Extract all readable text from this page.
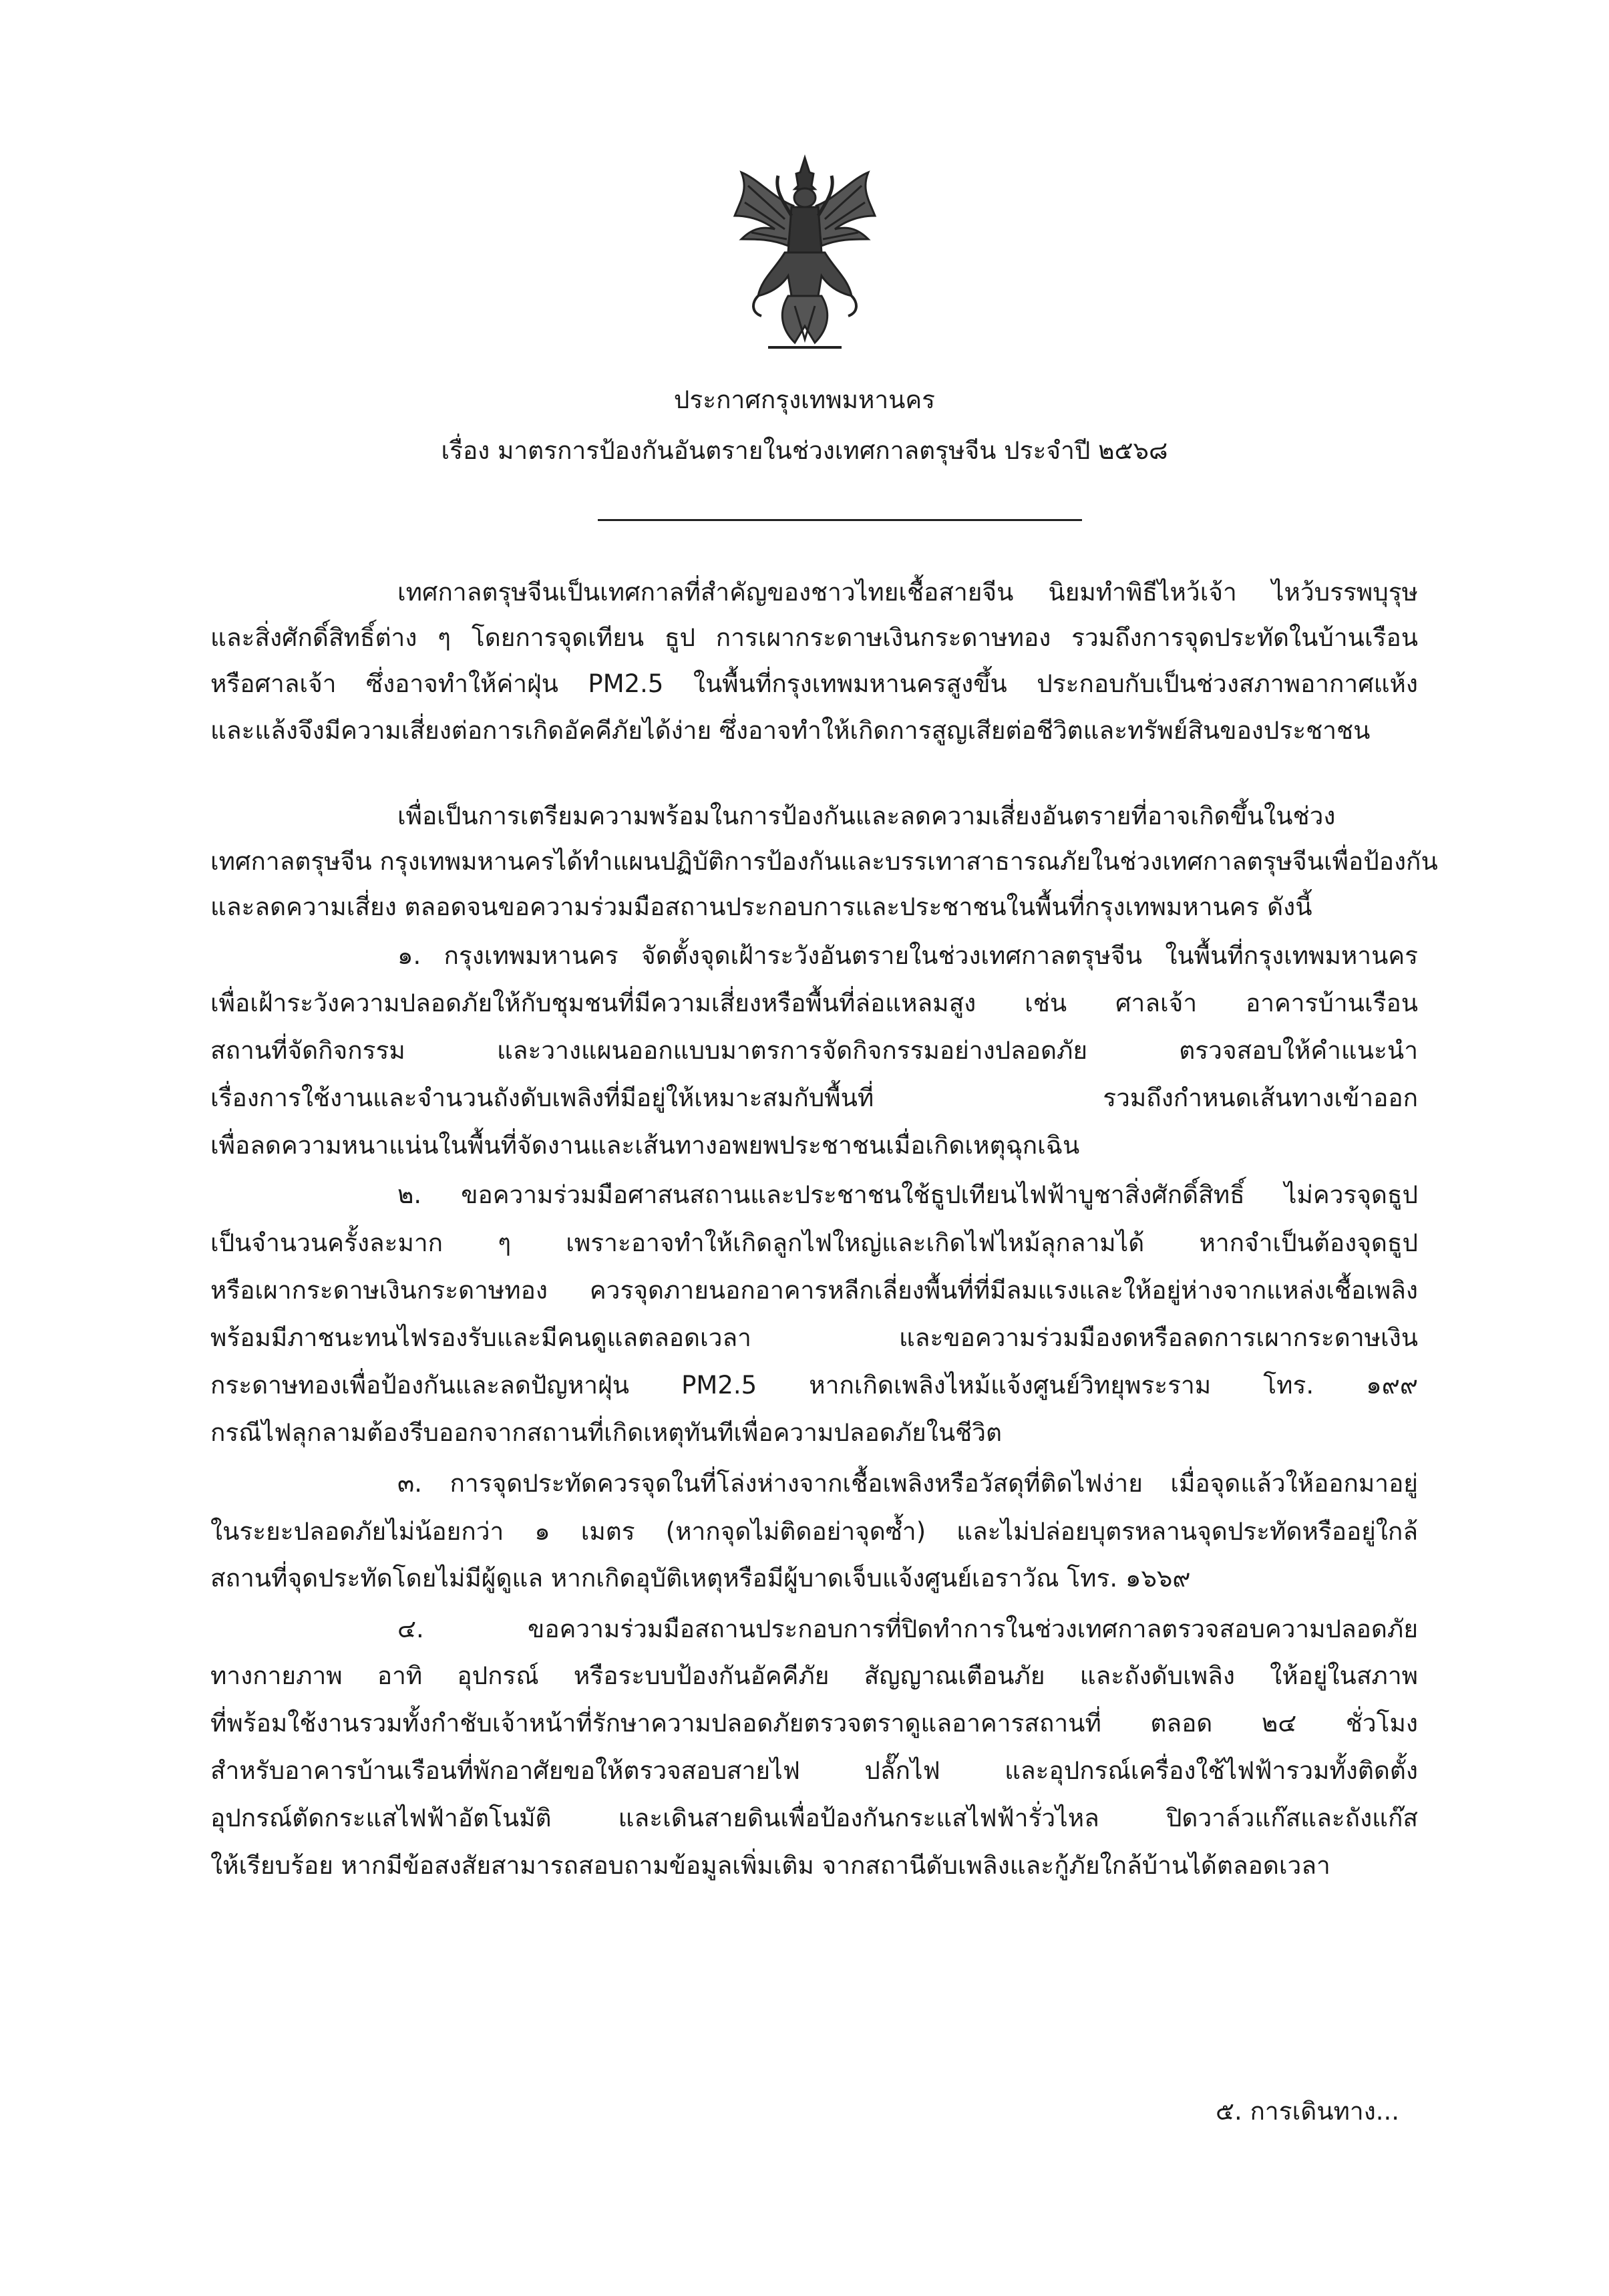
ประกาศกรุงเทพมหานคร
เรื่อง มาตรการป้องกันอันตรายในช่วงเทศกาลตรุษจีน ประจำปี ๒๕๖๘
เทศกาลตรุษจีนเป็นเทศกาลที่สำคัญของชาวไทยเชื้อสายจีน นิยมทำพิธีไหว้เจ้า ไหว้บรรพบุรุษ
และสิ่งศักดิ์สิทธิ์ต่าง ๆ โดยการจุดเทียน ธูป การเผากระดาษเงินกระดาษทอง รวมถึงการจุดประทัดในบ้านเรือน
หรือศาลเจ้า ซึ่งอาจทำให้ค่าฝุ่น PM2.5 ในพื้นที่กรุงเทพมหานครสูงขึ้น ประกอบกับเป็นช่วงสภาพอากาศแห้ง
และแล้งจึงมีความเสี่ยงต่อการเกิดอัคคีภัยได้ง่าย ซึ่งอาจทำให้เกิดการสูญเสียต่อชีวิตและทรัพย์สินของประชาชน
เพื่อเป็นการเตรียมความพร้อมในการป้องกันและลดความเสี่ยงอันตรายที่อาจเกิดขึ้นในช่วง
เทศกาลตรุษจีน กรุงเทพมหานครได้ทำแผนปฏิบัติการป้องกันและบรรเทาสาธารณภัยในช่วงเทศกาลตรุษจีนเพื่อป้องกัน
และลดความเสี่ยง ตลอดจนขอความร่วมมือสถานประกอบการและประชาชนในพื้นที่กรุงเทพมหานคร ดังนี้
๑. กรุงเทพมหานคร จัดตั้งจุดเฝ้าระวังอันตรายในช่วงเทศกาลตรุษจีน ในพื้นที่กรุงเทพมหานคร
เพื่อเฝ้าระวังความปลอดภัยให้กับชุมชนที่มีความเสี่ยงหรือพื้นที่ล่อแหลมสูง เช่น ศาลเจ้า อาคารบ้านเรือน
สถานที่จัดกิจกรรม และวางแผนออกแบบมาตรการจัดกิจกรรมอย่างปลอดภัย ตรวจสอบให้คำแนะนำ
เรื่องการใช้งานและจำนวนถังดับเพลิงที่มีอยู่ให้เหมาะสมกับพื้นที่ รวมถึงกำหนดเส้นทางเข้าออก
เพื่อลดความหนาแน่นในพื้นที่จัดงานและเส้นทางอพยพประชาชนเมื่อเกิดเหตุฉุกเฉิน
๒. ขอความร่วมมือศาสนสถานและประชาชนใช้ธูปเทียนไฟฟ้าบูชาสิ่งศักดิ์สิทธิ์ ไม่ควรจุดธูป
เป็นจำนวนครั้งละมาก ๆ เพราะอาจทำให้เกิดลูกไฟใหญ่และเกิดไฟไหม้ลุกลามได้ หากจำเป็นต้องจุดธูป
หรือเผากระดาษเงินกระดาษทอง ควรจุดภายนอกอาคารหลีกเลี่ยงพื้นที่ที่มีลมแรงและให้อยู่ห่างจากแหล่งเชื้อเพลิง
พร้อมมีภาชนะทนไฟรองรับและมีคนดูแลตลอดเวลา และขอความร่วมมืองดหรือลดการเผากระดาษเงิน
กระดาษทองเพื่อป้องกันและลดปัญหาฝุ่น PM2.5 หากเกิดเพลิงไหม้แจ้งศูนย์วิทยุพระราม โทร. ๑๙๙
กรณีไฟลุกลามต้องรีบออกจากสถานที่เกิดเหตุทันทีเพื่อความปลอดภัยในชีวิต
๓. การจุดประทัดควรจุดในที่โล่งห่างจากเชื้อเพลิงหรือวัสดุที่ติดไฟง่าย เมื่อจุดแล้วให้ออกมาอยู่
ในระยะปลอดภัยไม่น้อยกว่า ๑ เมตร (หากจุดไม่ติดอย่าจุดซ้ำ) และไม่ปล่อยบุตรหลานจุดประทัดหรืออยู่ใกล้
สถานที่จุดประทัดโดยไม่มีผู้ดูแล หากเกิดอุบัติเหตุหรือมีผู้บาดเจ็บแจ้งศูนย์เอราวัณ โทร. ๑๖๖๙
๔. ขอความร่วมมือสถานประกอบการที่ปิดทำการในช่วงเทศกาลตรวจสอบความปลอดภัย
ทางกายภาพ อาทิ อุปกรณ์ หรือระบบป้องกันอัคคีภัย สัญญาณเตือนภัย และถังดับเพลิง ให้อยู่ในสภาพ
ที่พร้อมใช้งานรวมทั้งกำชับเจ้าหน้าที่รักษาความปลอดภัยตรวจตราดูแลอาคารสถานที่ ตลอด ๒๔ ชั่วโมง
สำหรับอาคารบ้านเรือนที่พักอาศัยขอให้ตรวจสอบสายไฟ ปลั๊กไฟ และอุปกรณ์เครื่องใช้ไฟฟ้ารวมทั้งติดตั้ง
อุปกรณ์ตัดกระแสไฟฟ้าอัตโนมัติ และเดินสายดินเพื่อป้องกันกระแสไฟฟ้ารั่วไหล ปิดวาล์วแก๊สและถังแก๊ส
ให้เรียบร้อย หากมีข้อสงสัยสามารถสอบถามข้อมูลเพิ่มเติม จากสถานีดับเพลิงและกู้ภัยใกล้บ้านได้ตลอดเวลา
๕. การเดินทาง...
